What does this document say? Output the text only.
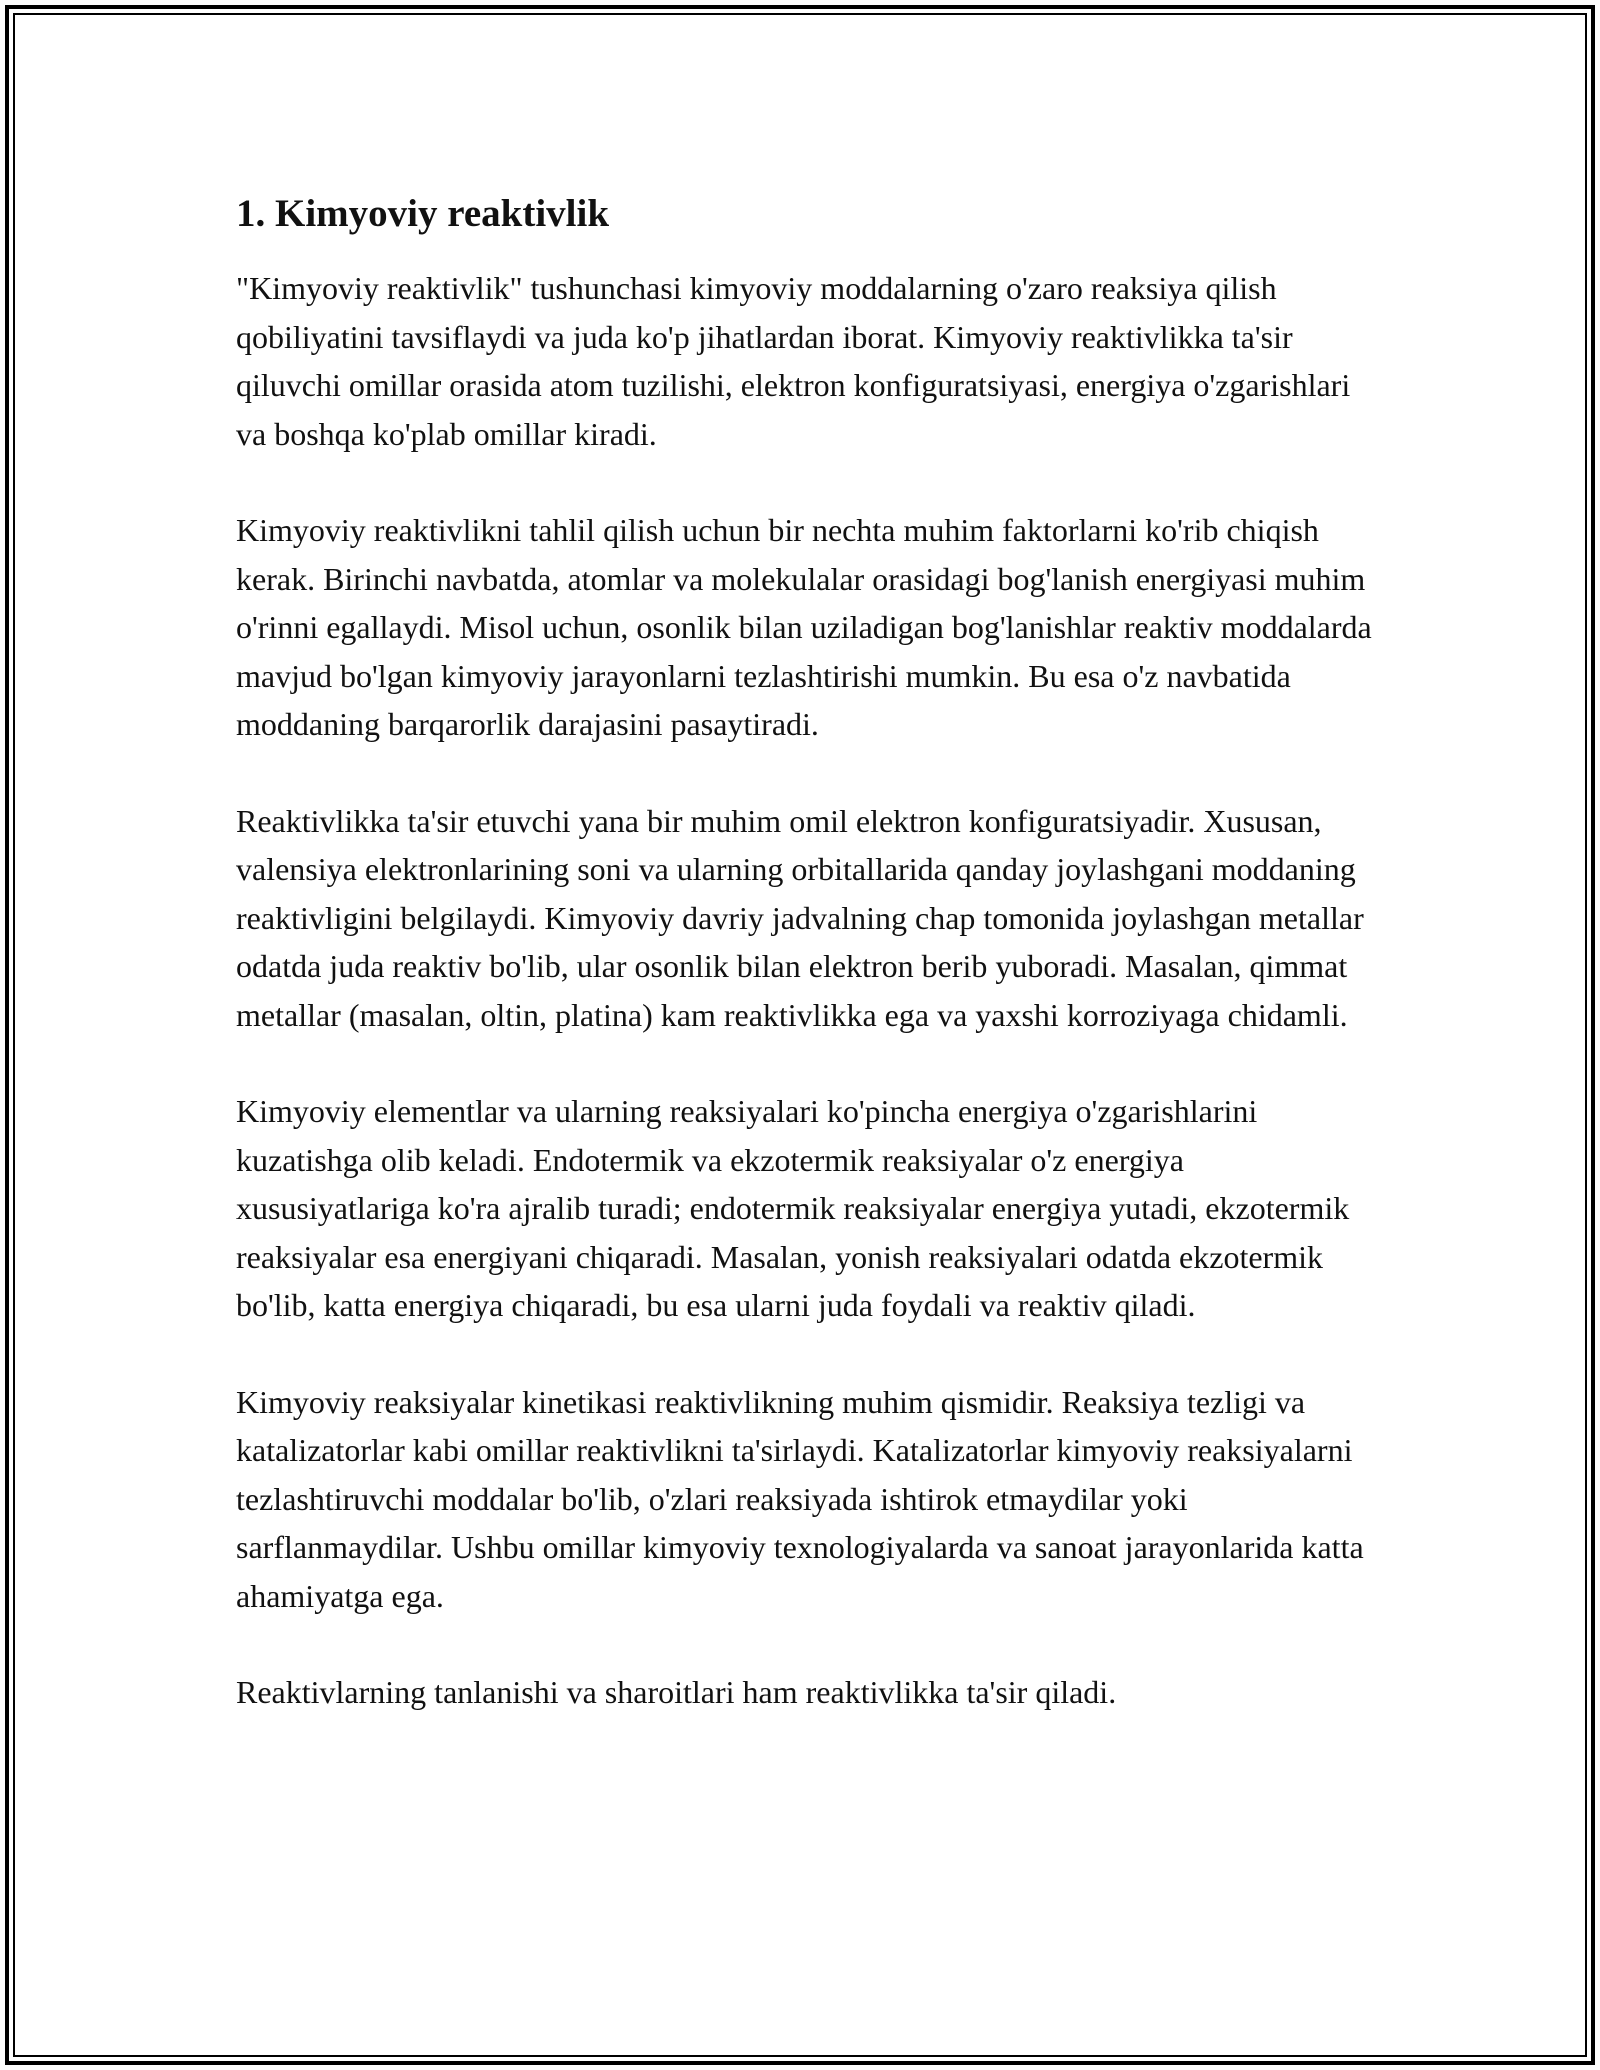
1. Kimyoviy reaktivlik

"Kimyoviy reaktivlik" tushunchasi kimyoviy moddalarning o'zaro reaksiya qilish qobiliyatini tavsiflaydi va juda ko'p jihatlardan iborat. Kimyoviy reaktivlikka ta'sir qiluvchi omillar orasida atom tuzilishi, elektron konfiguratsiyasi, energiya o'zgarishlari va boshqa ko'plab omillar kiradi.

Kimyoviy reaktivlikni tahlil qilish uchun bir nechta muhim faktorlarni ko'rib chiqish kerak. Birinchi navbatda, atomlar va molekulalar orasidagi bog'lanish energiyasi muhim o'rinni egallaydi. Misol uchun, osonlik bilan uziladigan bog'lanishlar reaktiv moddalarda mavjud bo'lgan kimyoviy jarayonlarni tezlashtirishi mumkin. Bu esa o'z navbatida moddaning barqarorlik darajasini pasaytiradi.

Reaktivlikka ta'sir etuvchi yana bir muhim omil elektron konfiguratsiyadir. Xususan, valensiya elektronlarining soni va ularning orbitallarida qanday joylashgani moddaning reaktivligini belgilaydi. Kimyoviy davriy jadvalning chap tomonida joylashgan metallar odatda juda reaktiv bo'lib, ular osonlik bilan elektron berib yuboradi. Masalan, qimmat metallar (masalan, oltin, platina) kam reaktivlikka ega va yaxshi korroziyaga chidamli.

Kimyoviy elementlar va ularning reaksiyalari ko'pincha energiya o'zgarishlarini kuzatishga olib keladi. Endotermik va ekzotermik reaksiyalar o'z energiya xususiyatlariga ko'ra ajralib turadi; endotermik reaksiyalar energiya yutadi, ekzotermik reaksiyalar esa energiyani chiqaradi. Masalan, yonish reaksiyalari odatda ekzotermik bo'lib, katta energiya chiqaradi, bu esa ularni juda foydali va reaktiv qiladi.

Kimyoviy reaksiyalar kinetikasi reaktivlikning muhim qismidir. Reaksiya tezligi va katalizatorlar kabi omillar reaktivlikni ta'sirlaydi. Katalizatorlar kimyoviy reaksiyalarni tezlashtiruvchi moddalar bo'lib, o'zlari reaksiyada ishtirok etmaydilar yoki sarflanmaydilar. Ushbu omillar kimyoviy texnologiyalarda va sanoat jarayonlarida katta ahamiyatga ega.

Reaktivlarning tanlanishi va sharoitlari ham reaktivlikka ta'sir qiladi.
